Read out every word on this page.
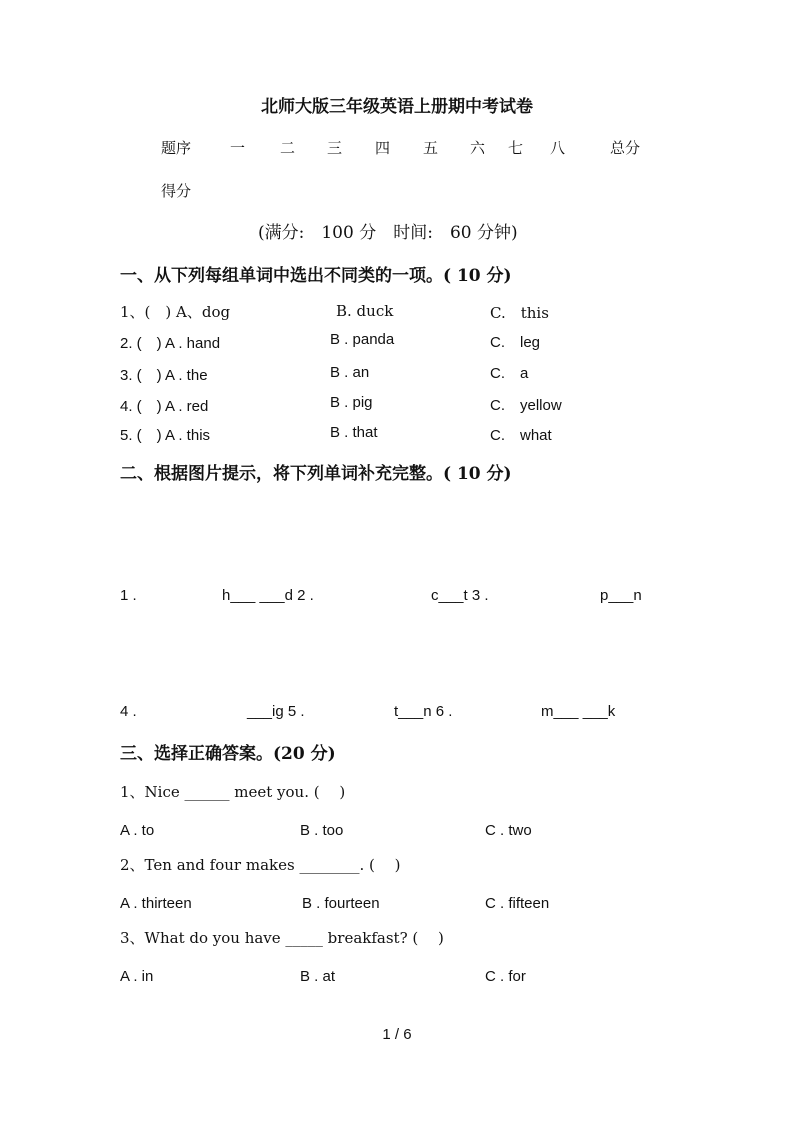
北师大版三年级英语上册期中考试卷
题序	一 二 三 四 五 六 七 八	总分
得分
(满分:　100 分　时间:　60 分钟)
一、从下列每组单词中选出不同类的一项。( 10 分)
1、(　) A、dog	B. duck	C.　this
2. (　) A . hand	B . panda	C.　leg
3. (　) A . the	B . an	C.　a
4. (　) A . red	B . pig	C.　yellow
5. (　) A . this	B . that	C.　what
二、根据图片提示，将下列单词补充完整。( 10 分)
1 .	h___ ___d 2 .	c___t 3 .	p___n
4 .	___ig 5 .	t___n 6 .	m___ ___k
三、选择正确答案。(20 分)
1、Nice ______ meet you. (　 )
A . to	B . too	C . two
2、Ten and four makes ________. (　 )
A . thirteen	B . fourteen	C . fifteen
3、What do you have _____ breakfast? (　 )
A . in	B . at	C . for
1 / 6
